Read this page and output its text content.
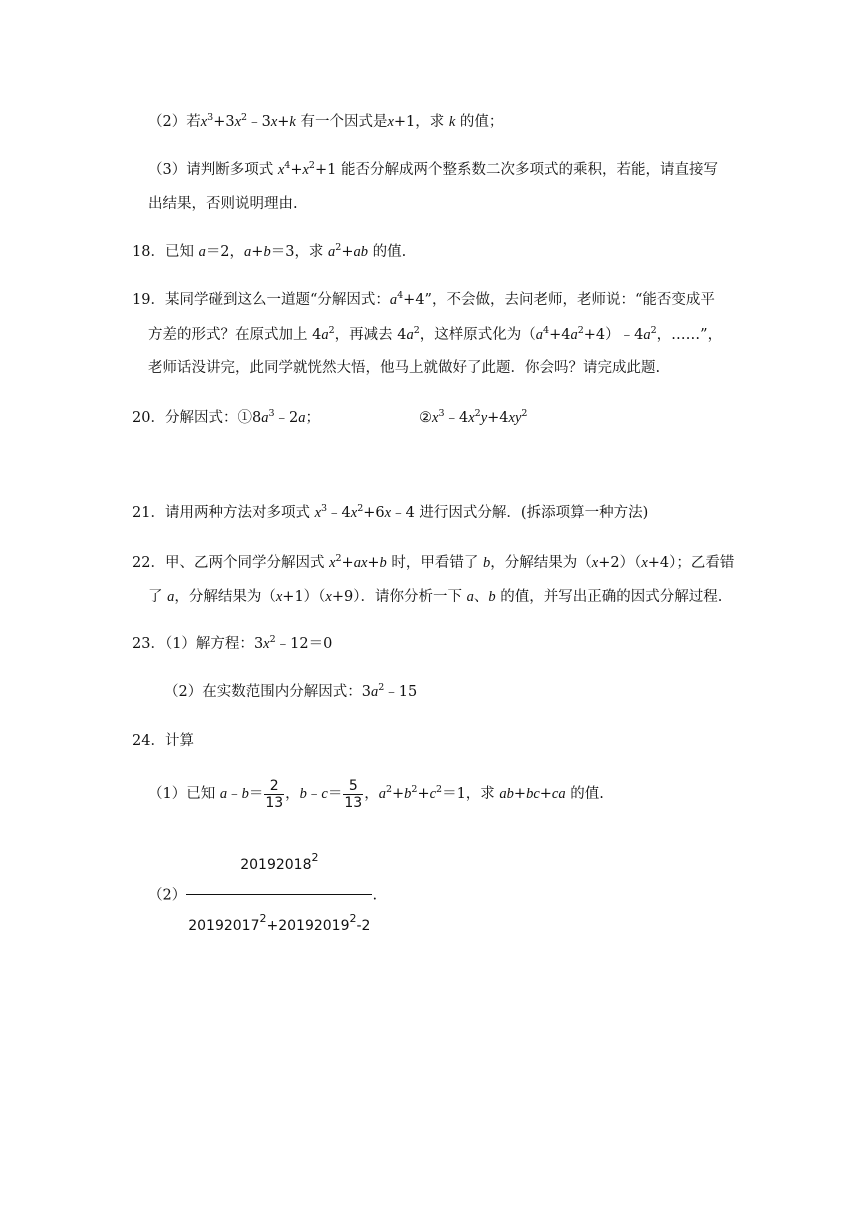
（2）若$x^3+3x^2﹣3x+k$ 有一个因式是x+1，求 k 的值；
（3）请判断多项式 $x^4+x^2+1$ 能否分解成两个整系数二次多项式的乘积，若能，请直接写
出结果，否则说明理由.
18．已知 a＝2，a+b＝3，求 $a^2+ab$ 的值.
19．某同学碰到这么一道题“分解因式：$a^4+4$”，不会做，去问老师，老师说：“能否变成平
方差的形式？在原式加上 $4a^2$，再减去 $4a^2$，这样原式化为$(a^4+4a^2+4)﹣4a^2$，……”，
老师话没讲完，此同学就恍然大悟，他马上就做好了此题．你会吗？请完成此题.
20．分解因式：$①8a^3﹣2a$；	$②x^3﹣4x^2y+4xy^2$
21．请用两种方法对多项式 $x^3﹣4x^2+6x﹣4$ 进行因式分解．(拆添项算一种方法)
22．甲、乙两个同学分解因式 $x^2+ax+b$ 时，甲看错了 b，分解结果为（x+2）（x+4）；乙看错
了 a，分解结果为（x+1）（x+9）．请你分析一下 a、b 的值，并写出正确的因式分解过程.
23．（1）解方程：$3x^2﹣12=0$
（2）在实数范围内分解因式：$3a^2﹣15$
24．计算
（1）已知 a﹣b＝ $\frac{2}{13}$ ，b﹣c＝ $\frac{5}{13}$ ，$a^2+b^2+c^2=1$，求 ab+bc+ca 的值.
$(2) \frac{20192018^2}{20192017^2+20192019^2-2}$ .
